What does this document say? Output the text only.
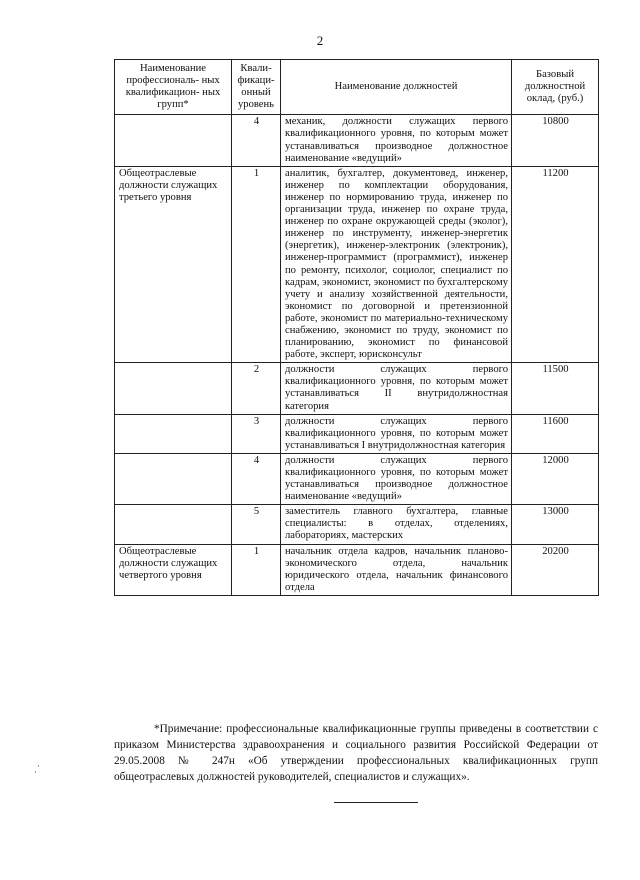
2
Наименование профессиональ- ных квалификацион- ных групп*	Квали- фикаци- онный уровень	Наименование должностей	Базовый должностной оклад, (руб.)
	4	механик, должности служащих первого квалификационного уровня, по которым может устанавливаться производное должностное наименование «ведущий»	10800
Общеотраслевые должности служащих третьего уровня	1	аналитик, бухгалтер, документовед, инженер, инженер по комплектации оборудования, инженер по нормированию труда, инженер по организации труда, инженер по охране труда, инженер по охране окружающей среды (эколог), инженер по инструменту, инженер-энергетик (энергетик), инженер-электроник (электроник), инженер-программист (программист), инженер по ремонту, психолог, социолог, специалист по кадрам, экономист, экономист по бухгалтерскому учету и анализу хозяйственной деятельности, экономист по договорной и претензионной работе, экономист по материально-техническому снабжению, экономист по труду, экономист по планированию, экономист по финансовой работе, эксперт, юрисконсульт	11200
	2	должности служащих первого квалификационного уровня, по которым может устанавливаться II внутридолжностная категория	11500
	3	должности служащих первого квалификационного уровня, по которым может устанавливаться I внутридолжностная категория	11600
	4	должности служащих первого квалификационного уровня, по которым может устанавливаться производное должностное наименование «ведущий»	12000
	5	заместитель главного бухгалтера, главные специалисты: в отделах, отделениях, лабораториях, мастерских	13000
Общеотраслевые должности служащих четвертого уровня	1	начальник отдела кадров, начальник планово-экономического отдела, начальник юридического отдела, начальник финансового отдела	20200

*Примечание: профессиональные квалификационные группы приведены в соответствии с приказом Министерства здравоохранения и социального развития Российской Федерации от 29.05.2008 № 247н «Об утверждении профессиональных квалификационных групп общеотраслевых должностей руководителей, специалистов и служащих».

·
·
